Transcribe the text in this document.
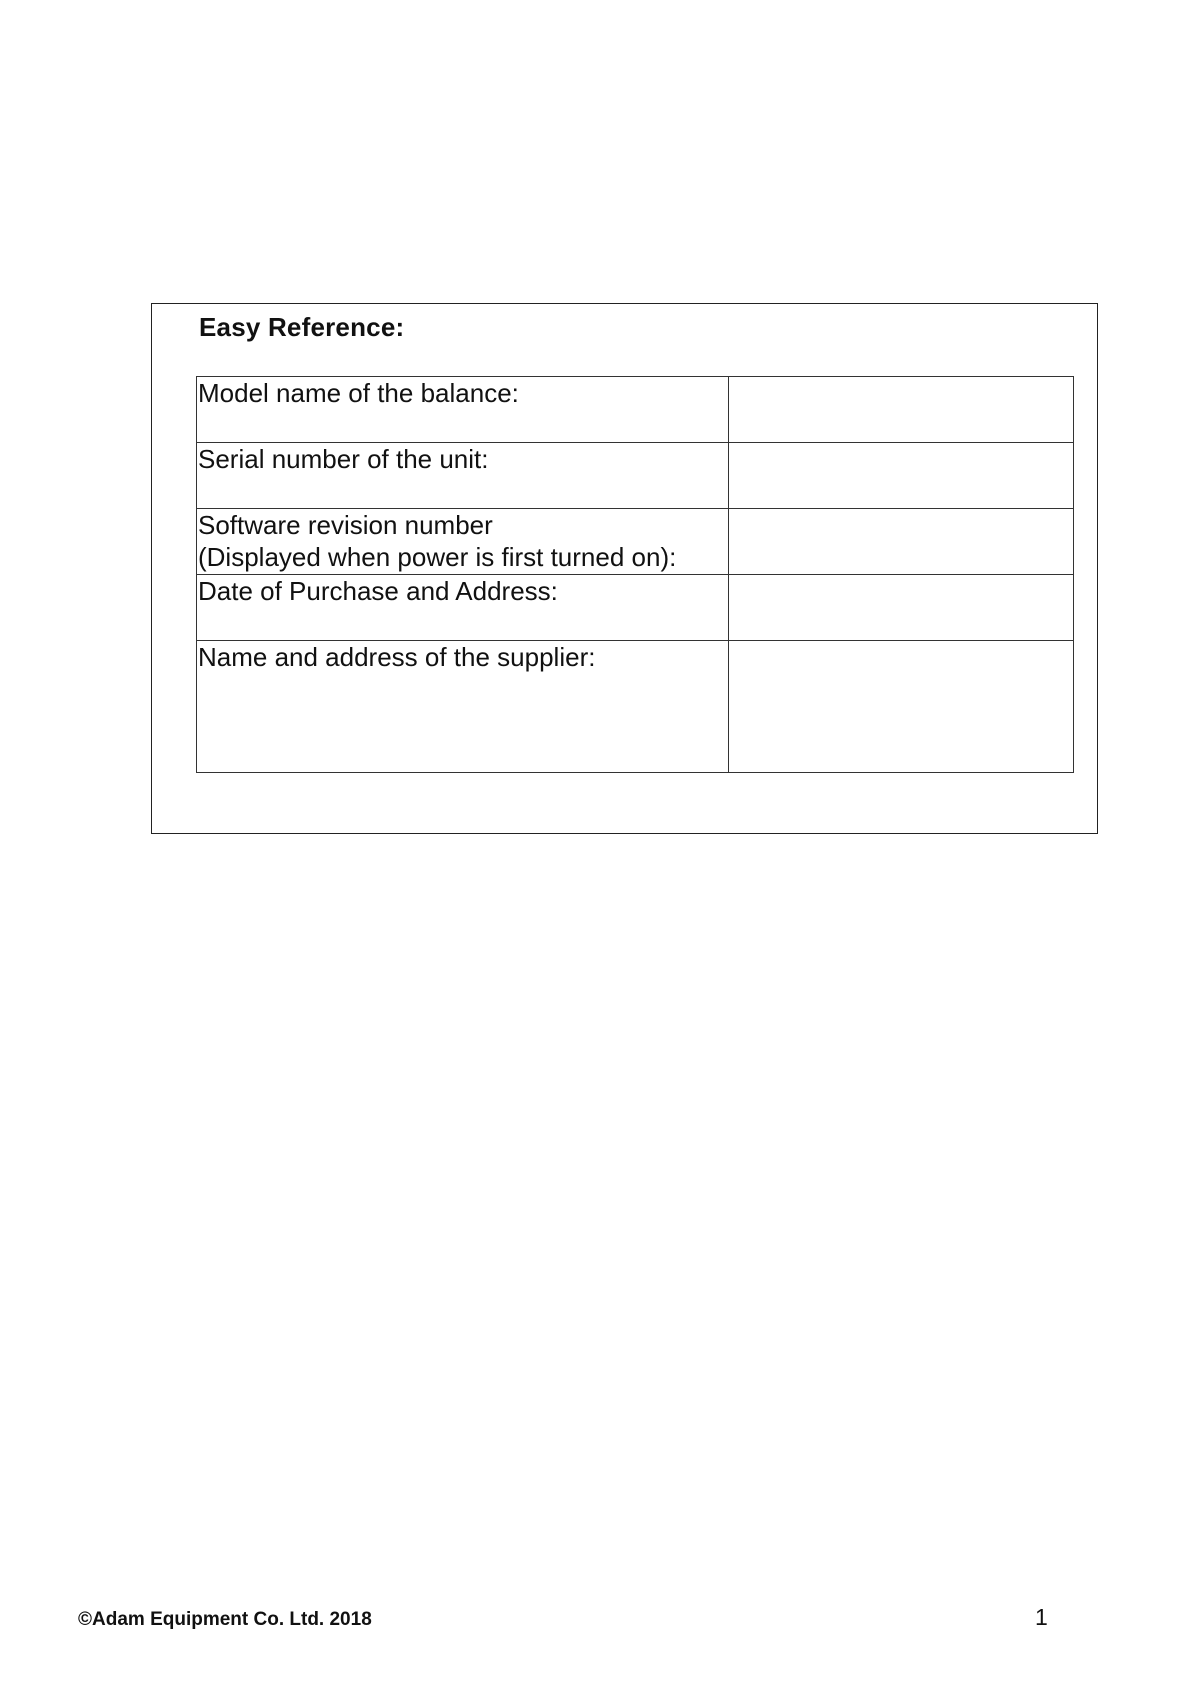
Easy Reference:
Model name of the balance:	
Serial number of the unit:	
Software revision number
(Displayed when power is first turned on):	
Date of Purchase and Address:	
Name and address of the supplier:	
©Adam Equipment Co. Ltd. 2018	1
